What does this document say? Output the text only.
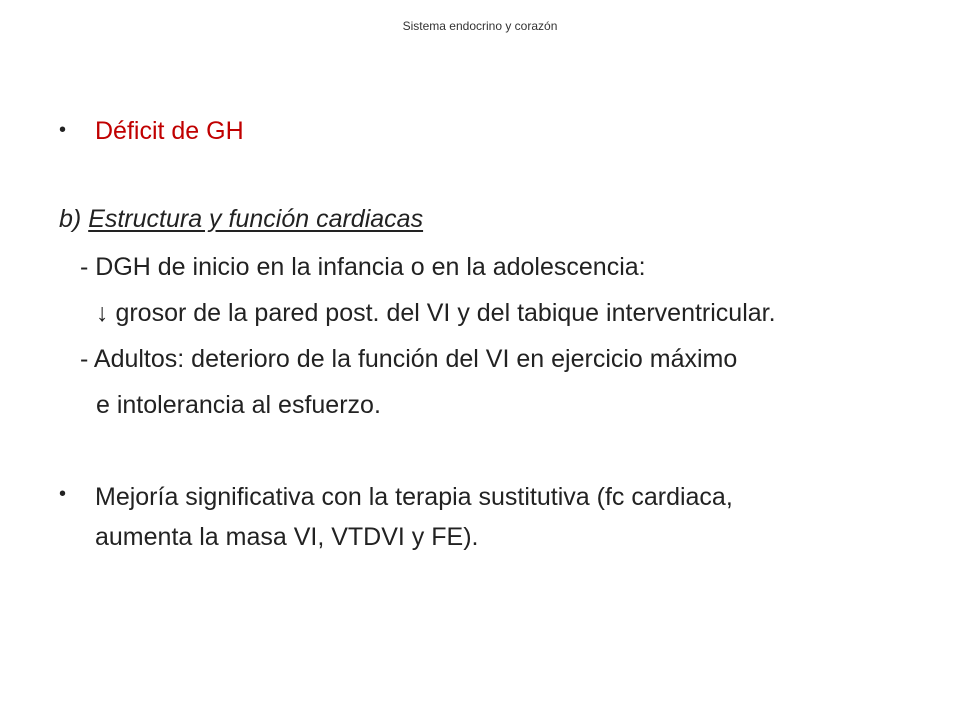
Sistema endocrino y corazón
• Déficit de GH
b) Estructura y función cardiacas
- DGH de inicio en la infancia o en la adolescencia:
↓ grosor de la pared post. del VI y del tabique interventricular.
- Adultos: deterioro de la función del VI en ejercicio máximo
e intolerancia al esfuerzo.
• Mejoría significativa con la terapia sustitutiva (fc cardiaca,
aumenta la masa VI, VTDVI y FE).
